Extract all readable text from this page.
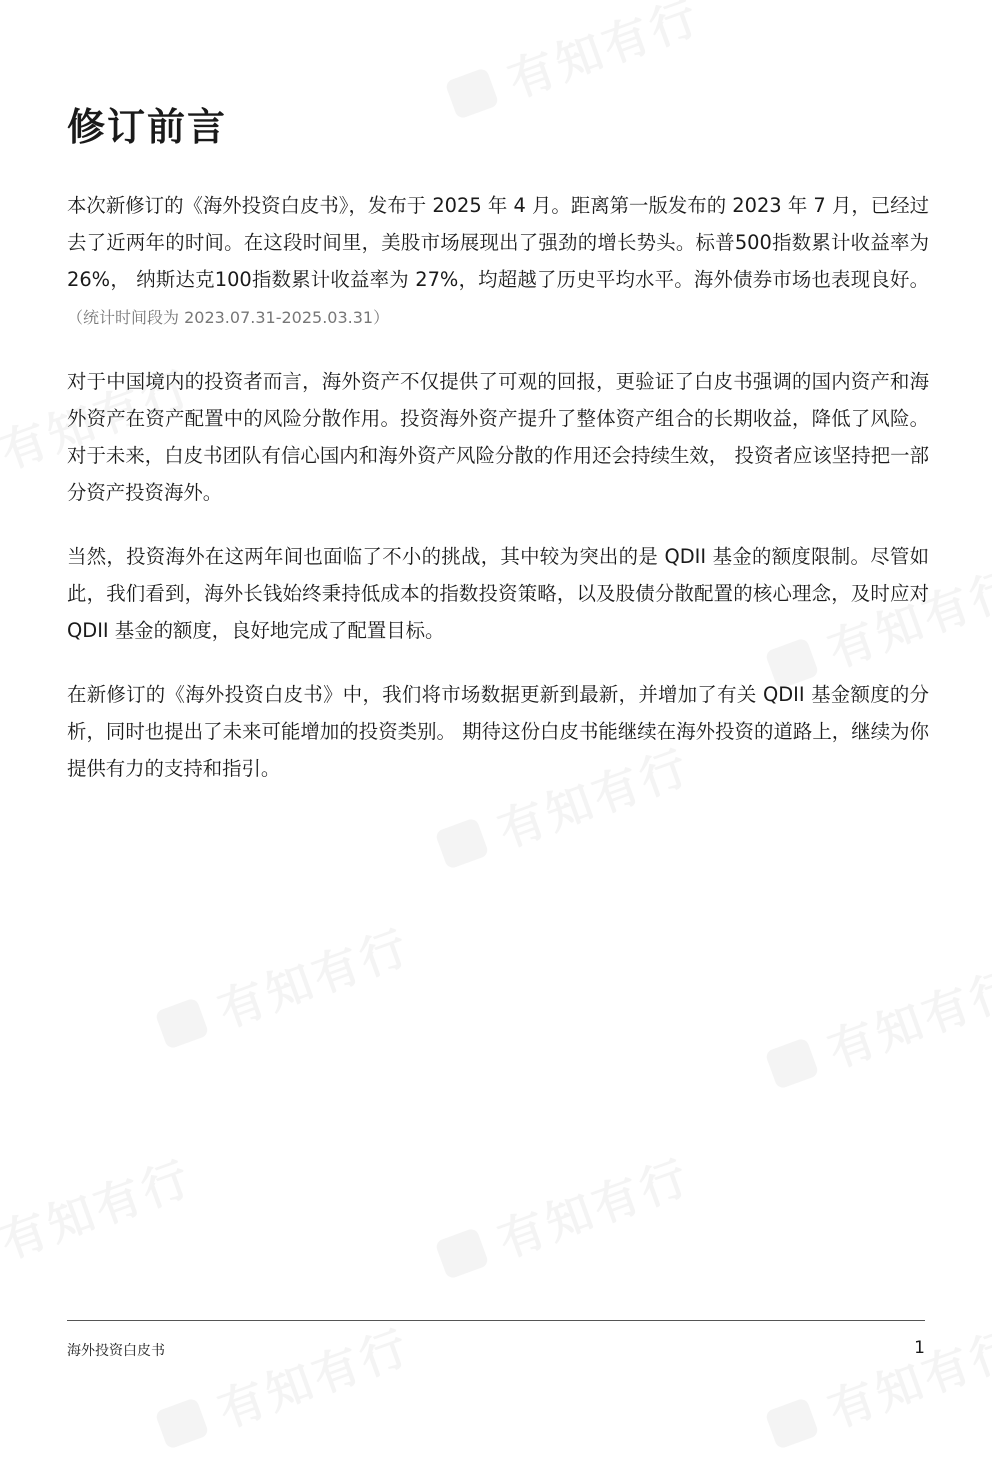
修订前言

本次新修订的《海外投资白皮书》，发布于 2025 年 4 月。距离第一版发布的 2023 年 7 月，已经过去了近两年的时间。在这段时间里，美股市场展现出了强劲的增长势头。标普500指数累计收益率为 26%， 纳斯达克100指数累计收益率为 27%，均超越了历史平均水平。海外债券市场也表现良好。 （统计时间段为 2023.07.31-2025.03.31）

对于中国境内的投资者而言，海外资产不仅提供了可观的回报，更验证了白皮书强调的国内资产和海外资产在资产配置中的风险分散作用。投资海外资产提升了整体资产组合的长期收益，降低了风险。 对于未来，白皮书团队有信心国内和海外资产风险分散的作用还会持续生效， 投资者应该坚持把一部分资产投资海外。

当然，投资海外在这两年间也面临了不小的挑战，其中较为突出的是 QDII 基金的额度限制。尽管如此，我们看到，海外长钱始终秉持低成本的指数投资策略，以及股债分散配置的核心理念，及时应对 QDII 基金的额度，良好地完成了配置目标。

在新修订的《海外投资白皮书》中，我们将市场数据更新到最新，并增加了有关 QDII 基金额度的分析，同时也提出了未来可能增加的投资类别。 期待这份白皮书能继续在海外投资的道路上，继续为你提供有力的支持和指引。

海外投资白皮书	1
